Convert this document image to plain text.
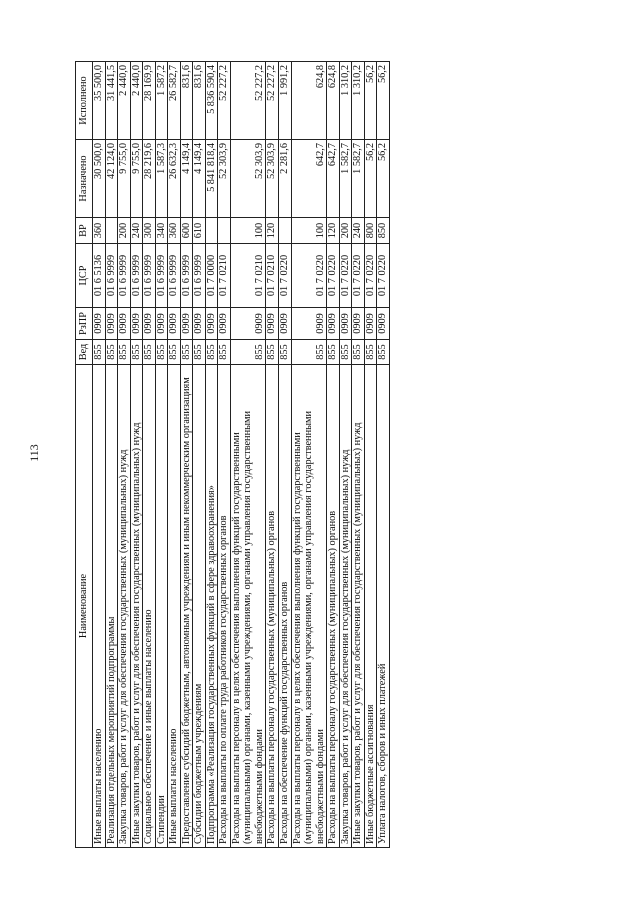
113
Наименование	Вед	РзПР	ЦСР	ВР	Назначено	Исполнено
Иные выплаты населению	855	0909	01 6 5136	360	30 500,0	35 500,0
Реализация отдельных мероприятий подпрограммы	855	0909	01 6 9999		42 124,0	31 441,5
Закупка товаров, работ и услуг для обеспечения государственных (муниципальных) нужд	855	0909	01 6 9999	200	9 755,0	2 440,0
Иные закупки товаров, работ и услуг для обеспечения государственных (муниципальных) нужд	855	0909	01 6 9999	240	9 755,0	2 440,0
Социальное обеспечение и иные выплаты населению	855	0909	01 6 9999	300	28 219,6	28 169,9
Стипендии	855	0909	01 6 9999	340	1 587,3	1 587,2
Иные выплаты населению	855	0909	01 6 9999	360	26 632,3	26 582,7
Предоставление субсидий бюджетным, автономным учреждениям и иным некоммерческим организациям	855	0909	01 6 9999	600	4 149,4	831,6
Субсидии бюджетным учреждениям	855	0909	01 6 9999	610	4 149,4	831,6
Подпрограмма «Реализация государственных функций в сфере здравоохранения»	855	0909	01 7 0000		5 841 818,4	5 836 590,4
Расходы на выплаты по оплате труда работников государственных органов	855	0909	01 7 0210		52 303,9	52 227,2
Расходы на выплаты персоналу в целях обеспечения выполнения функций государственными (муниципальными) органами, казенными учреждениями, органами управления государственными внебюджетными фондами	855	0909	01 7 0210	100	52 303,9	52 227,2
Расходы на выплаты персоналу государственных (муниципальных) органов	855	0909	01 7 0210	120	52 303,9	52 227,2
Расходы на обеспечение функций государственных органов	855	0909	01 7 0220		2 281,6	1 991,2
Расходы на выплаты персоналу в целях обеспечения выполнения функций государственными (муниципальными) органами, казенными учреждениями, органами управления государственными внебюджетными фондами	855	0909	01 7 0220	100	642,7	624,8
Расходы на выплаты персоналу государственных (муниципальных) органов	855	0909	01 7 0220	120	642,7	624,8
Закупка товаров, работ и услуг для обеспечения государственных (муниципальных) нужд	855	0909	01 7 0220	200	1 582,7	1 310,2
Иные закупки товаров, работ и услуг для обеспечения государственных (муниципальных) нужд	855	0909	01 7 0220	240	1 582,7	1 310,2
Иные бюджетные ассигнования	855	0909	01 7 0220	800	56,2	56,2
Уплата налогов, сборов и иных платежей	855	0909	01 7 0220	850	56,2	56,2
